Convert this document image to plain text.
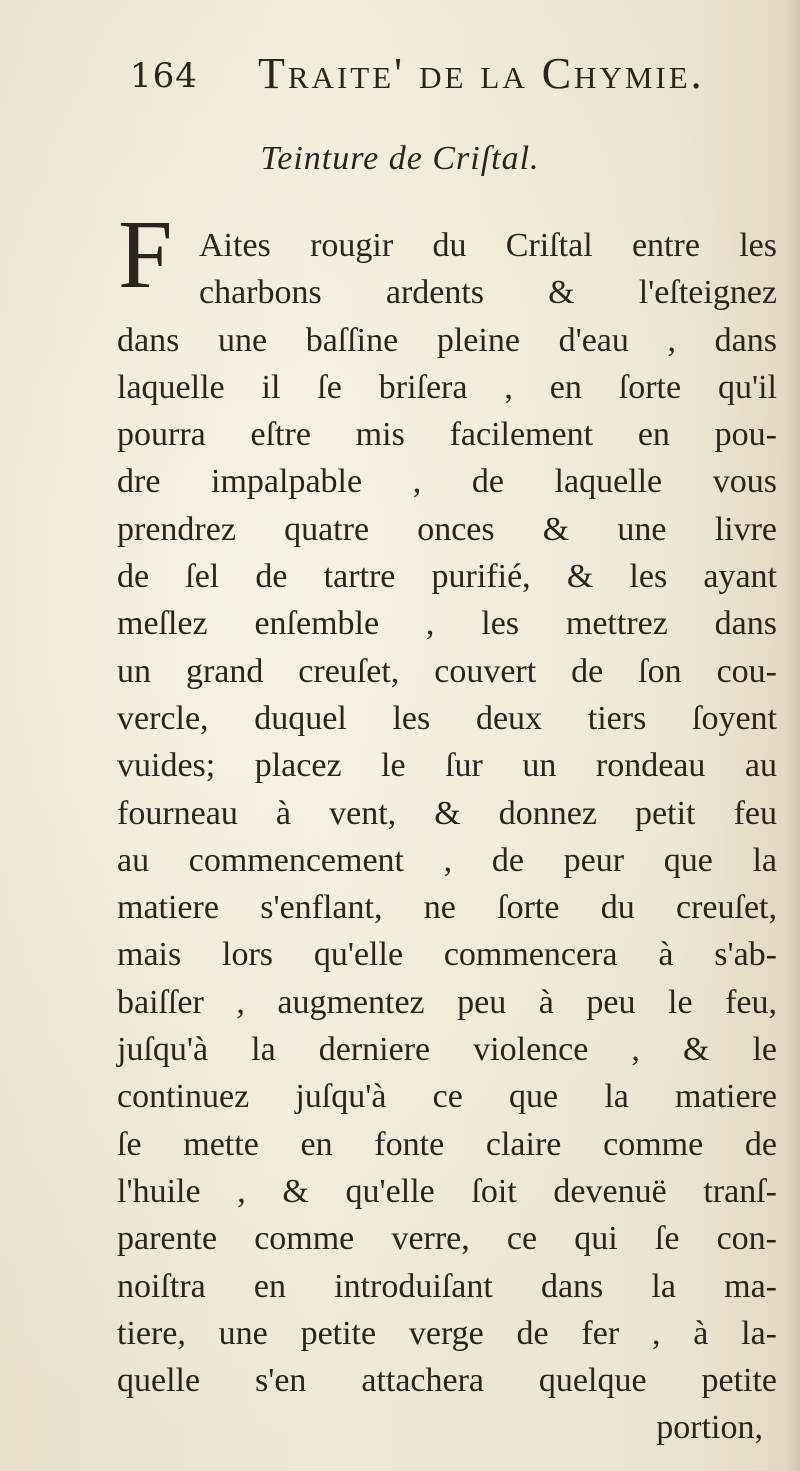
164 Traite' de la Chymie.
Teinture de Criſtal.
F Aites rougir du Criſtal entre les
charbons ardents & l'eſteignez
dans une baſſine pleine d'eau , dans
laquelle il ſe briſera , en ſorte qu'il
pourra eſtre mis facilement en pou-
dre impalpable , de laquelle vous
prendrez quatre onces & une livre
de ſel de tartre purifié, & les ayant
meſlez enſemble , les mettrez dans
un grand creuſet, couvert de ſon cou-
vercle, duquel les deux tiers ſoyent
vuides; placez le ſur un rondeau au
fourneau à vent, & donnez petit feu
au commencement , de peur que la
matiere s'enflant, ne ſorte du creuſet,
mais lors qu'elle commencera à s'ab-
baiſſer , augmentez peu à peu le feu,
juſqu'à la derniere violence , & le
continuez juſqu'à ce que la matiere
ſe mette en fonte claire comme de
l'huile , & qu'elle ſoit devenuë tranſ-
parente comme verre, ce qui ſe con-
noiſtra en introduiſant dans la ma-
tiere, une petite verge de fer , à la-
quelle s'en attachera quelque petite
portion,
